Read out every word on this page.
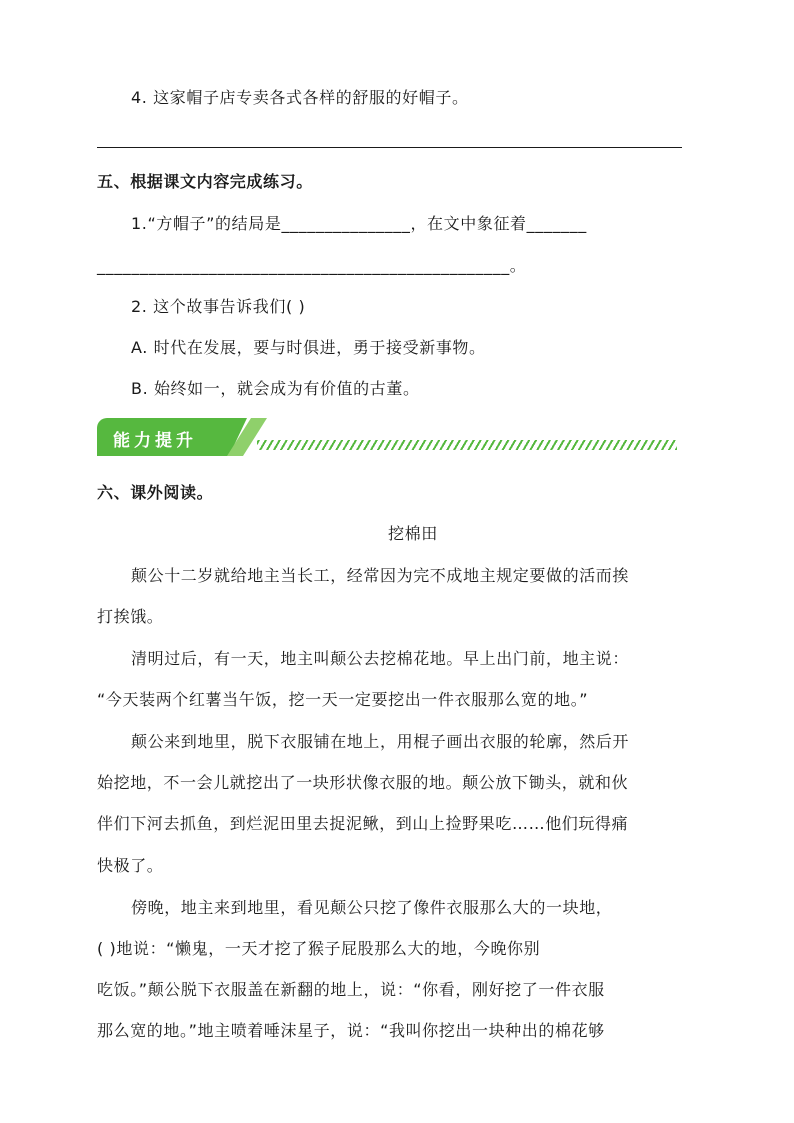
4. 这家帽子店专卖各式各样的舒服的好帽子。
五、根据课文内容完成练习。
1.“方帽子”的结局是_______________，在文中象征着_______
________________________________________________。
2. 这个故事告诉我们( )
A. 时代在发展，要与时俱进，勇于接受新事物。
B. 始终如一，就会成为有价值的古董。
能力提升
六、课外阅读。
挖棉田
颠公十二岁就给地主当长工，经常因为完不成地主规定要做的活而挨
打挨饿。
清明过后，有一天，地主叫颠公去挖棉花地。早上出门前，地主说：
“今天装两个红薯当午饭，挖一天一定要挖出一件衣服那么宽的地。”
颠公来到地里，脱下衣服铺在地上，用棍子画出衣服的轮廓，然后开
始挖地，不一会儿就挖出了一块形状像衣服的地。颠公放下锄头，就和伙
伴们下河去抓鱼，到烂泥田里去捉泥鳅，到山上捡野果吃……他们玩得痛
快极了。
傍晚，地主来到地里，看见颠公只挖了像件衣服那么大的一块地，
( )地说：“懒鬼，一天才挖了猴子屁股那么大的地，今晚你别
吃饭。”颠公脱下衣服盖在新翻的地上，说：“你看，刚好挖了一件衣服
那么宽的地。”地主喷着唾沫星子，说：“我叫你挖出一块种出的棉花够
